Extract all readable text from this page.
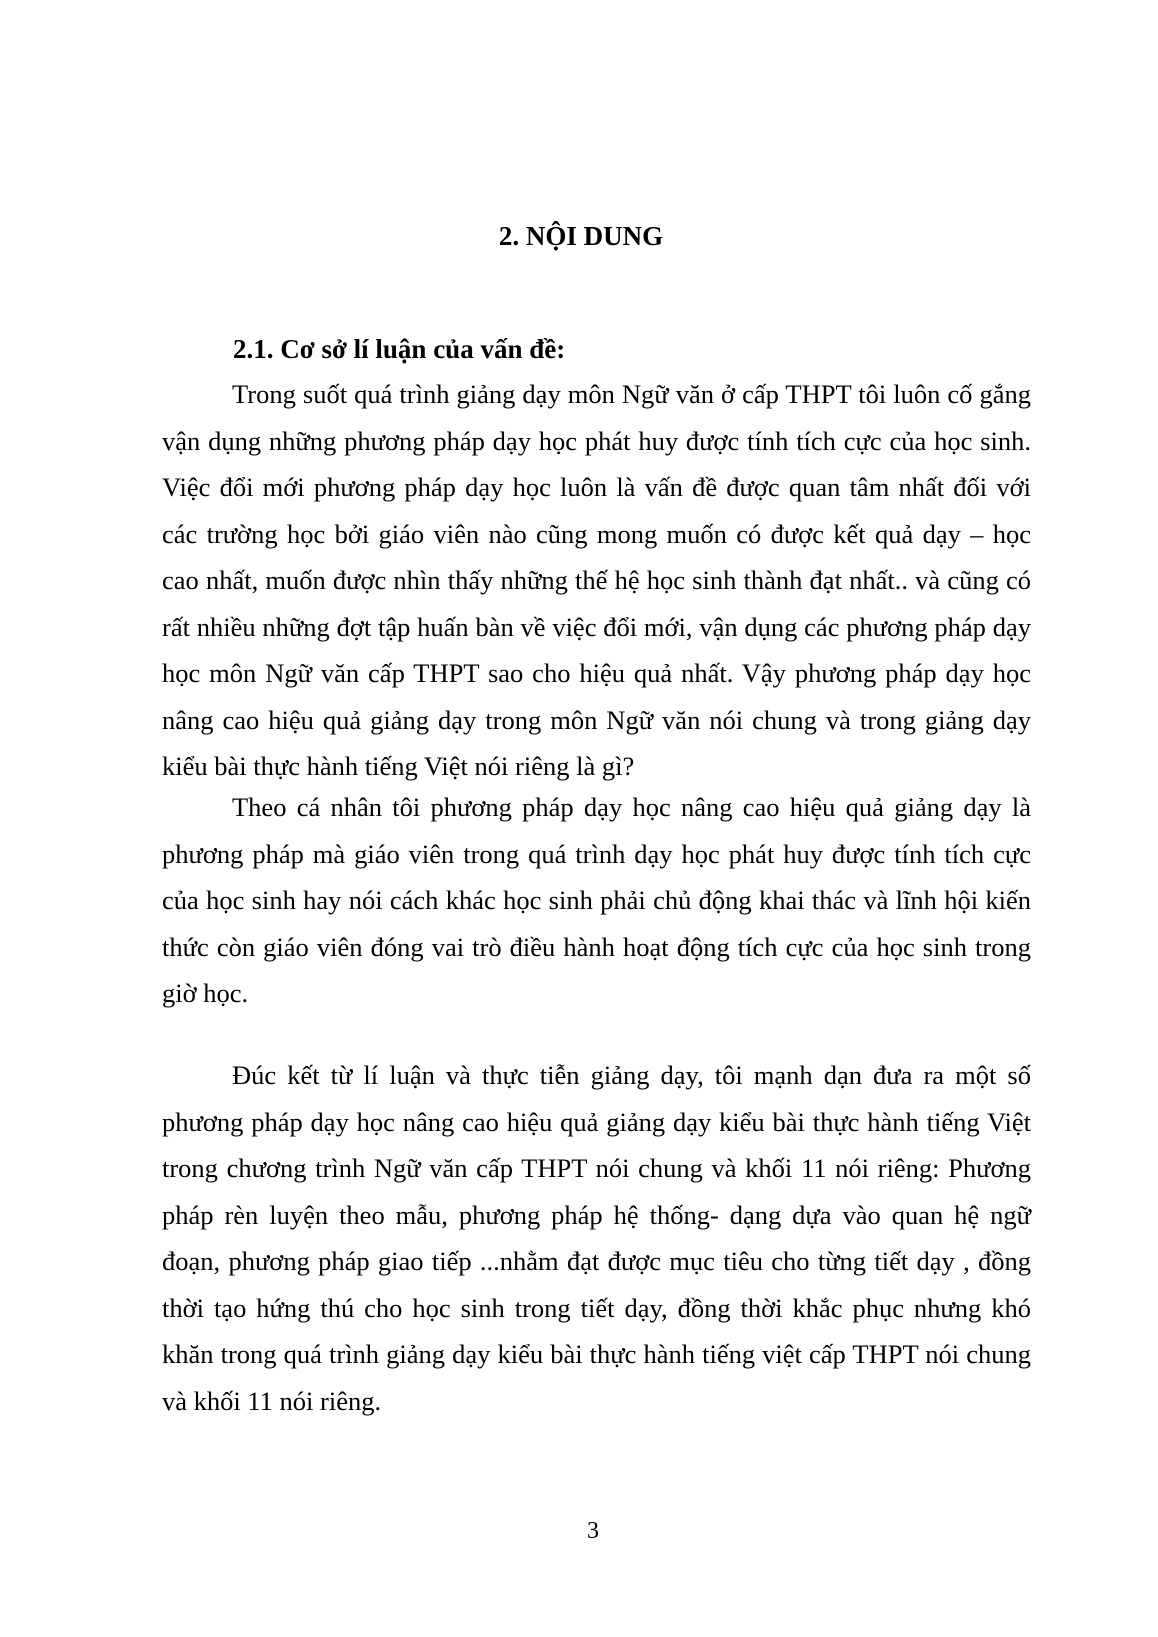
2. NỘI DUNG
2.1. Cơ sở lí luận của vấn đề:

Trong suốt quá trình giảng dạy môn Ngữ văn ở cấp THPT tôi luôn cố gắng vận dụng những phương pháp dạy học phát huy được tính tích cực của học sinh. Việc đổi mới phương pháp dạy học luôn là vấn đề được quan tâm nhất đối với các trường học bởi giáo viên nào cũng mong muốn có được kết quả dạy – học cao nhất, muốn được nhìn thấy những thế hệ học sinh thành đạt nhất.. và cũng có rất nhiều những đợt tập huấn bàn về việc đổi mới, vận dụng các phương pháp dạy học môn Ngữ văn cấp THPT sao cho hiệu quả nhất. Vậy phương pháp dạy học nâng cao hiệu quả giảng dạy trong môn Ngữ văn nói chung và trong giảng dạy kiểu bài thực hành tiếng Việt nói riêng là gì?

Theo cá nhân tôi phương pháp dạy học nâng cao hiệu quả giảng dạy là phương pháp mà giáo viên trong quá trình dạy học phát huy được tính tích cực của học sinh hay nói cách khác học sinh phải chủ động khai thác và lĩnh hội kiến thức còn giáo viên đóng vai trò điều hành hoạt động tích cực của học sinh trong giờ học.

Đúc kết từ lí luận và thực tiễn giảng dạy, tôi mạnh dạn đưa ra một số phương pháp dạy học nâng cao hiệu quả giảng dạy kiểu bài thực hành tiếng Việt trong chương trình Ngữ văn cấp THPT nói chung và khối 11 nói riêng: Phương pháp rèn luyện theo mẫu, phương pháp hệ thống- dạng dựa vào quan hệ ngữ đoạn, phương pháp giao tiếp ...nhằm đạt được mục tiêu cho từng tiết dạy , đồng thời tạo hứng thú cho học sinh trong tiết dạy, đồng thời khắc phục nhưng khó khăn trong quá trình giảng dạy kiểu bài thực hành tiếng việt cấp THPT nói chung và khối 11 nói riêng.

3
